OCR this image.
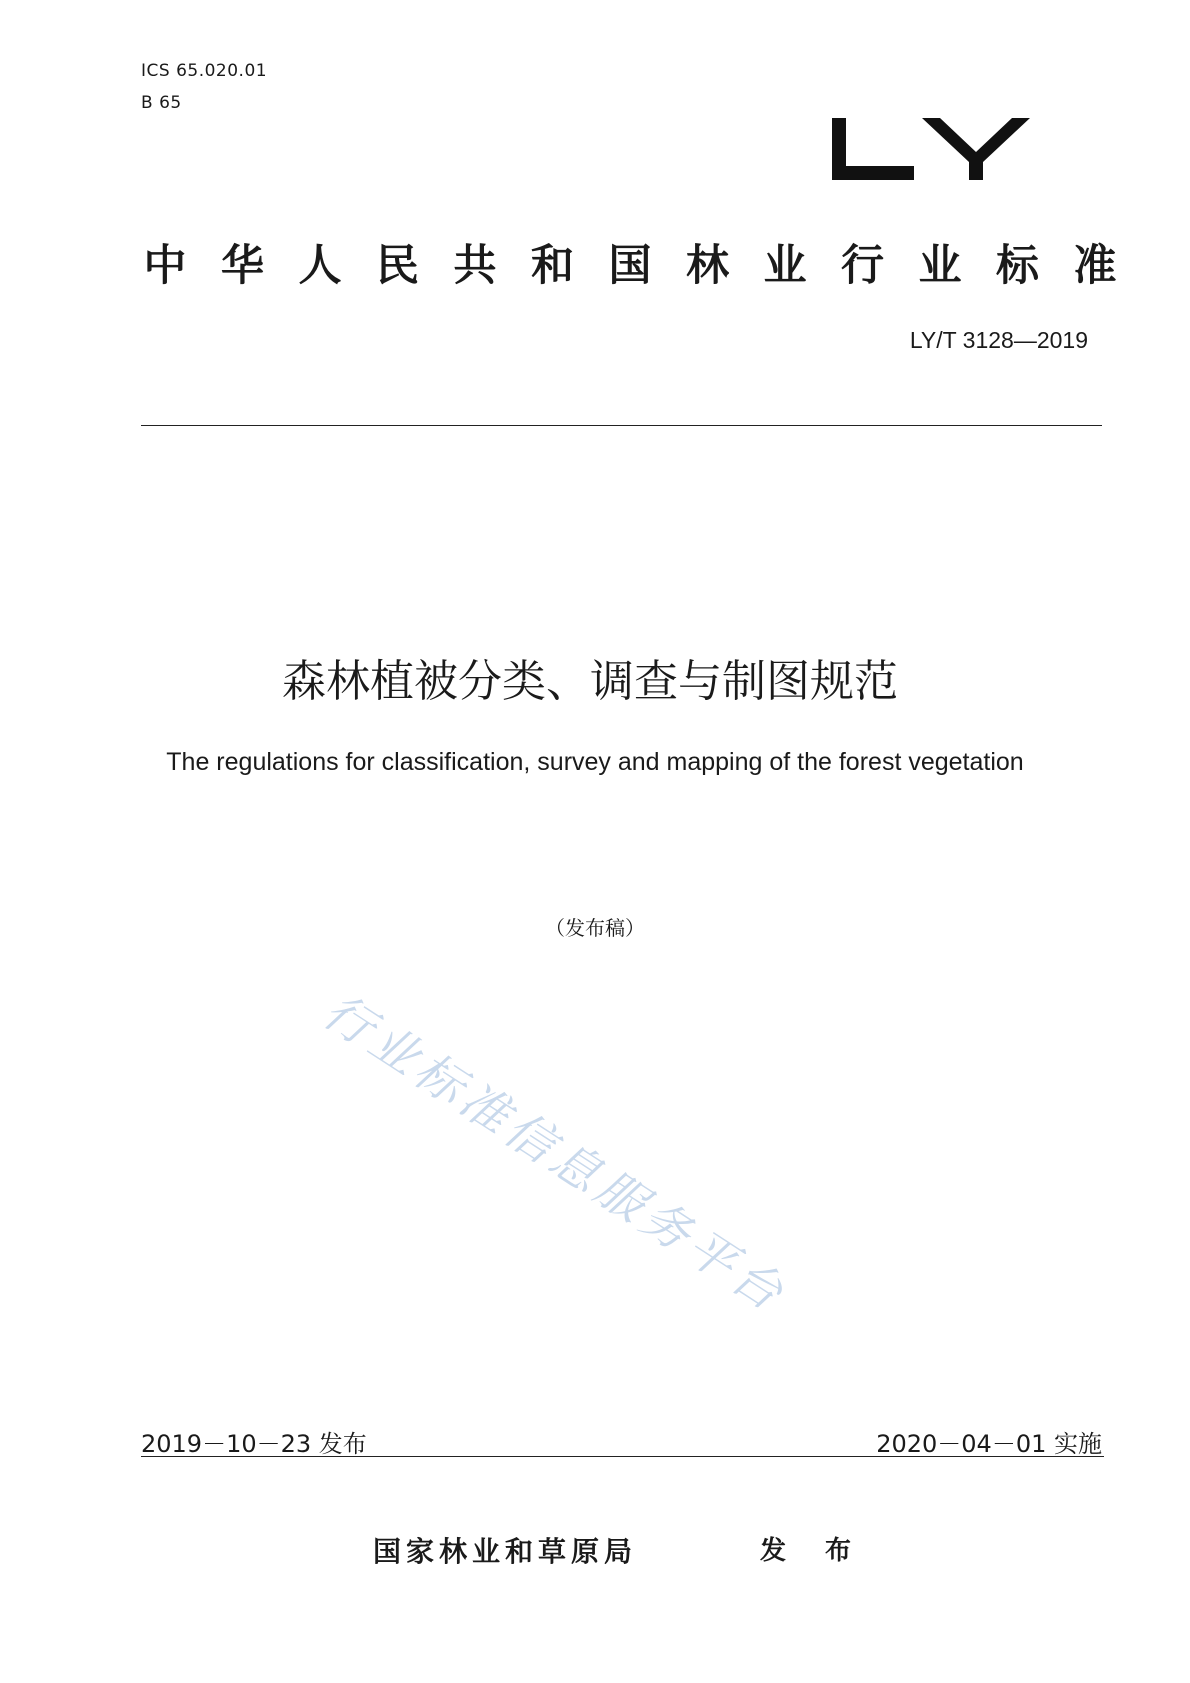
ICS 65.020.01
B 65
中 华 人 民 共 和 国 林 业 行 业 标 准
LY/T 3128—2019
森林植被分类、调查与制图规范
The regulations for classification, survey and mapping of the forest vegetation
（发布稿）
行业标准信息服务平台
2019－10－23 发布	2020－04－01 实施
国家林业和草原局	发 布
